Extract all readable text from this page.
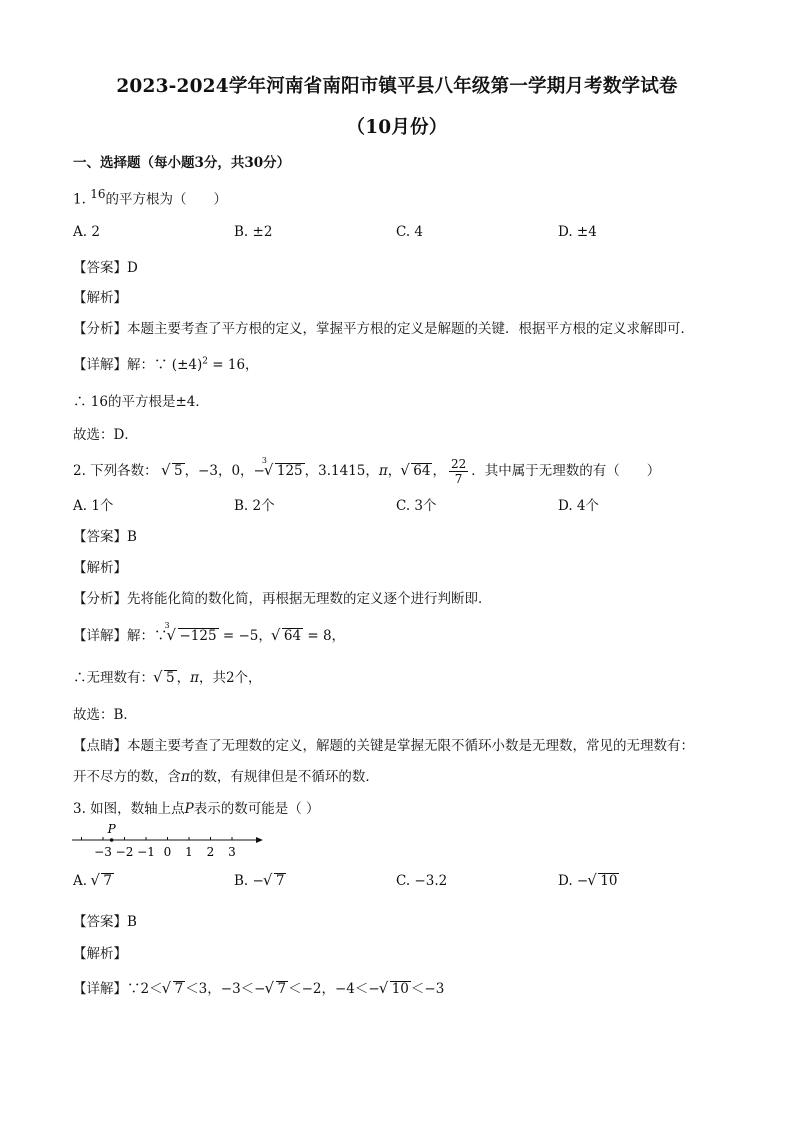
2023-2024学年河南省南阳市镇平县八年级第一学期月考数学试卷
（10月份）
一、选择题（每小题3分，共30分）
1. $^{16}$的平方根为（　　）
A. 2	B. ±2	C. 4	D. ±4
【答案】D
【解析】
【分析】本题主要考查了平方根的定义，掌握平方根的定义是解题的关键．根据平方根的定义求解即可．
【详解】解：∵ $(\pm 4)^2 = 16$，
∴ 16的平方根是±4．
故选：D．
2. 下列各数： √ 5 ，−3，0，−
√ 3
125 ，3.1415，π， √ 64 ， $\frac{22}{7}$ ．其中属于无理数的有（　　）
A. 1个	B. 2个	C. 3个	D. 4个
【答案】B
【解析】
【分析】先将能化简的数化简，再根据无理数的定义逐个进行判断即．
【详解】解：∵
√ 3
−125 = −5， √ 64 = 8，
∴无理数有： √ 5 ，π，共2个，
故选：B．
【点睛】本题主要考查了无理数的定义，解题的关键是掌握无限不循环小数是无理数，常见的无理数有：
开不尽方的数，含π的数，有规律但是不循环的数．
3. 如图，数轴上点P表示的数可能是（ ）
−3 −2 −1 0 1 2 3
P
A. √ 7	B. − √ 7	C. −3.2	D. − √ 10
【答案】B
【解析】
【详解】∵2＜ √ 7 ＜3，−3＜− √ 7 ＜−2，−4＜− √ 10 ＜−3
